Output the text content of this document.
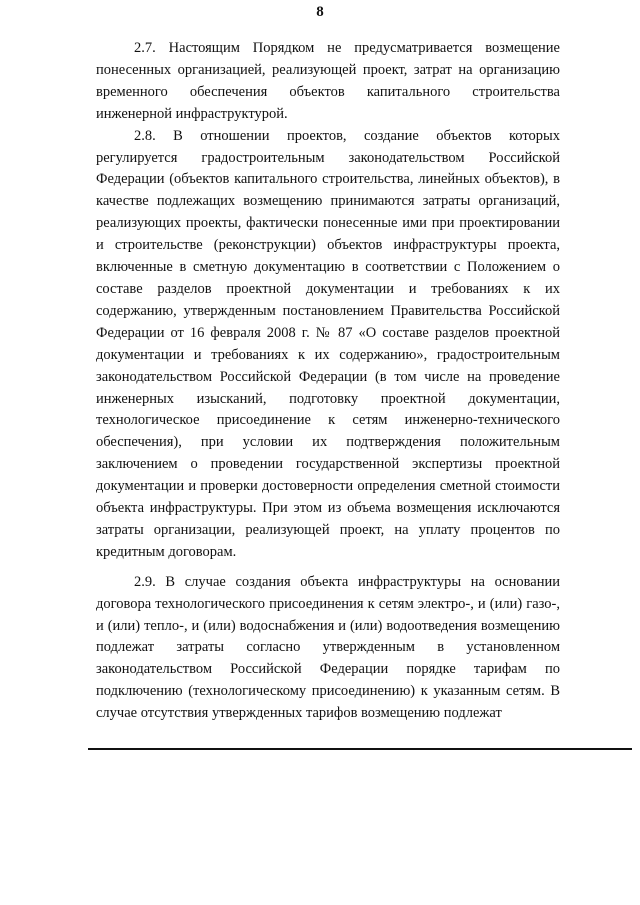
8

2.7. Настоящим Порядком не предусматривается возмещение понесенных организацией, реализующей проект, затрат на организацию временного обеспечения объектов капитального строительства инженерной инфраструктурой.

2.8. В отношении проектов, создание объектов которых регулируется градостроительным законодательством Российской Федерации (объектов капитального строительства, линейных объектов), в качестве подлежащих возмещению принимаются затраты организаций, реализующих проекты, фактически понесенные ими при проектировании и строительстве (реконструкции) объектов инфраструктуры проекта, включенные в сметную документацию в соответствии с Положением о составе разделов проектной документации и требованиях к их содержанию, утвержденным постановлением Правительства Российской Федерации от 16 февраля 2008 г. № 87 «О составе разделов проектной документации и требованиях к их содержанию», градостроительным законодательством Российской Федерации (в том числе на проведение инженерных изысканий, подготовку проектной документации, технологическое присоединение к сетям инженерно-технического обеспечения), при условии их подтверждения положительным заключением о проведении государственной экспертизы проектной документации и проверки достоверности определения сметной стоимости объекта инфраструктуры. При этом из объема возмещения исключаются затраты организации, реализующей проект, на уплату процентов по кредитным договорам.

2.9. В случае создания объекта инфраструктуры на основании договора технологического присоединения к сетям электро-, и (или) газо-, и (или) тепло-, и (или) водоснабжения и (или) водоотведения возмещению подлежат затраты согласно утвержденным в установленном законодательством Российской Федерации порядке тарифам по подключению (технологическому присоединению) к указанным сетям. В случае отсутствия утвержденных тарифов возмещению подлежат
